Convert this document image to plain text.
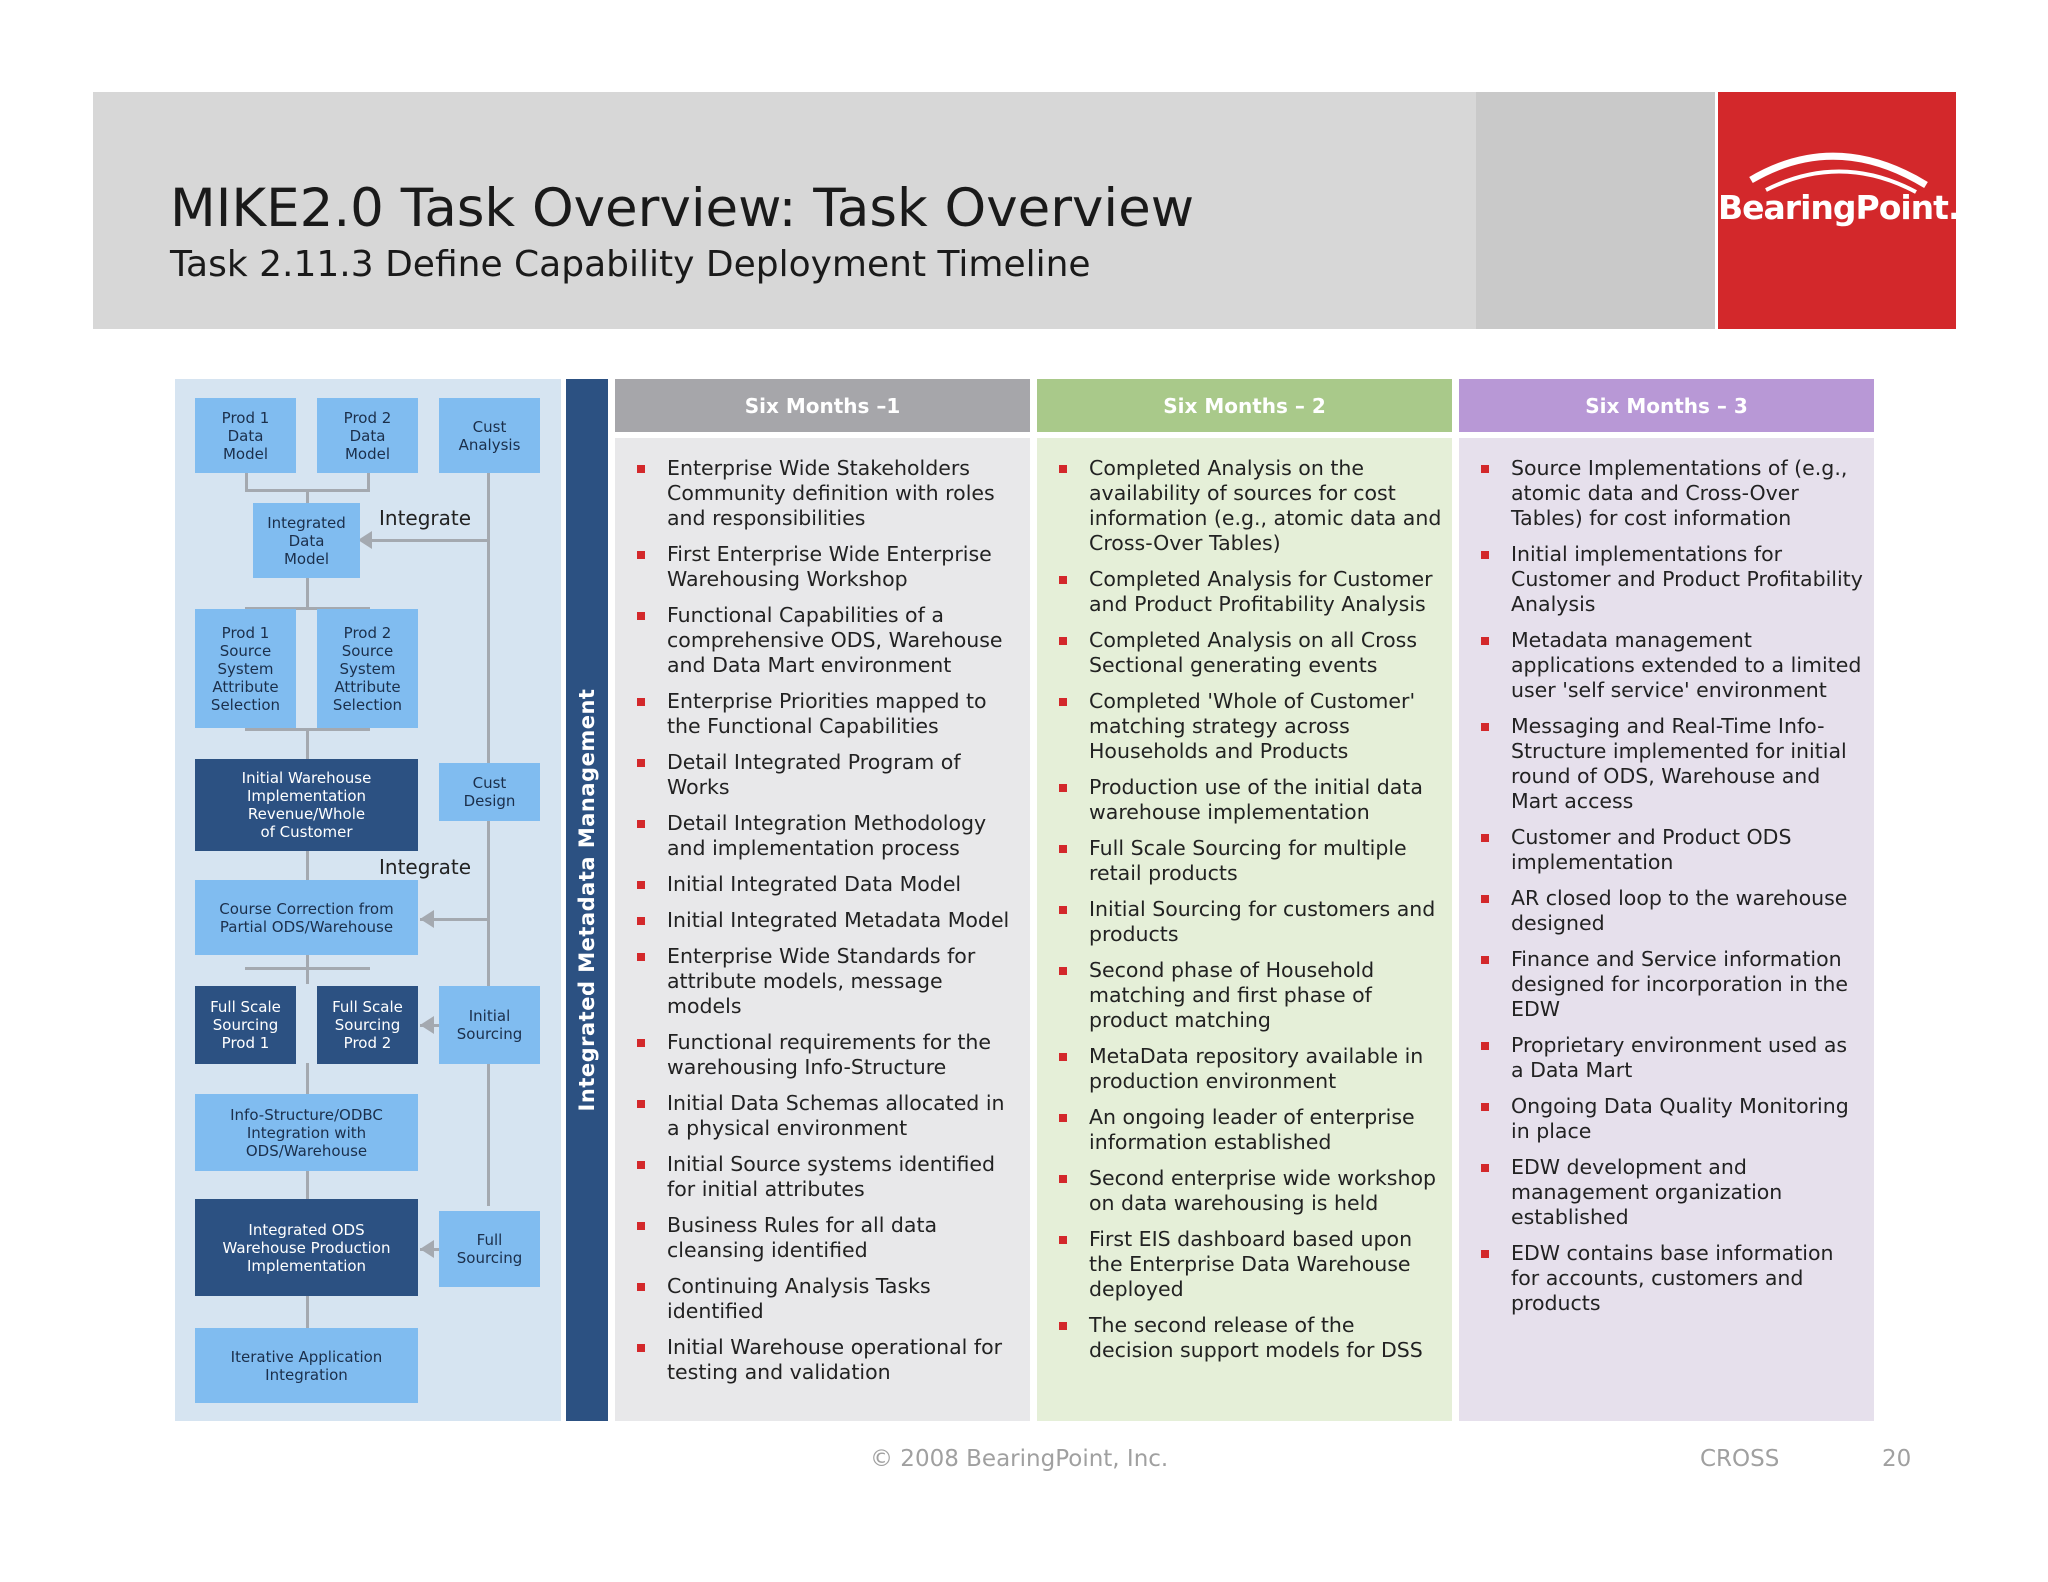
BearingPoint.
MIKE2.0 Task Overview: Task Overview
Task 2.11.3 Define Capability Deployment Timeline
Prod 1
Data
Model
Prod 2
Data
Model
Cust
Analysis
Integrated
Data
Model
Integrate
Prod 1
Source
System
Attribute
Selection
Prod 2
Source
System
Attribute
Selection
Initial Warehouse
Implementation
Revenue/Whole
of Customer
Cust
Design
Integrate
Course Correction from
Partial ODS/Warehouse
Full Scale
Sourcing
Prod 1
Full Scale
Sourcing
Prod 2
Initial
Sourcing
Info-Structure/ODBC
Integration with
ODS/Warehouse
Integrated ODS
Warehouse Production
Implementation
Full
Sourcing
Iterative Application
Integration
Integrated Metadata Management
Six Months –1
Enterprise Wide Stakeholders Community definition with roles and responsibilities
First Enterprise Wide Enterprise Warehousing Workshop
Functional Capabilities of a comprehensive ODS, Warehouse and Data Mart environment
Enterprise Priorities mapped to the Functional Capabilities
Detail Integrated Program of Works
Detail Integration Methodology and implementation process
Initial Integrated Data Model
Initial Integrated Metadata Model
Enterprise Wide Standards for attribute models, message models
Functional requirements for the warehousing Info-Structure
Initial Data Schemas allocated in a physical environment
Initial Source systems identified for initial attributes
Business Rules for all data cleansing identified
Continuing Analysis Tasks identified
Initial Warehouse operational for testing and validation
Six Months – 2
Completed Analysis on the availability of sources for cost information (e.g., atomic data and Cross-Over Tables)
Completed Analysis for Customer and Product Profitability Analysis
Completed Analysis on all Cross Sectional generating events
Completed 'Whole of Customer' matching strategy across Households and Products
Production use of the initial data warehouse implementation
Full Scale Sourcing for multiple retail products
Initial Sourcing for customers and products
Second phase of Household matching and first phase of product matching
MetaData repository available in production environment
An ongoing leader of enterprise information established
Second enterprise wide workshop on data warehousing is held
First EIS dashboard based upon the Enterprise Data Warehouse deployed
The second release of the decision support models for DSS
Six Months – 3
Source Implementations of (e.g., atomic data and Cross-Over Tables) for cost information
Initial implementations for Customer and Product Profitability Analysis
Metadata management applications extended to a limited user 'self service' environment
Messaging and Real-Time Info-Structure implemented for initial round of ODS, Warehouse and Mart access
Customer and Product ODS implementation
AR closed loop to the warehouse designed
Finance and Service information designed for incorporation in the EDW
Proprietary environment used as a Data Mart
Ongoing Data Quality Monitoring in place
EDW development and management organization established
EDW contains base information for accounts, customers and products
© 2008 BearingPoint, Inc.	CROSS	20
